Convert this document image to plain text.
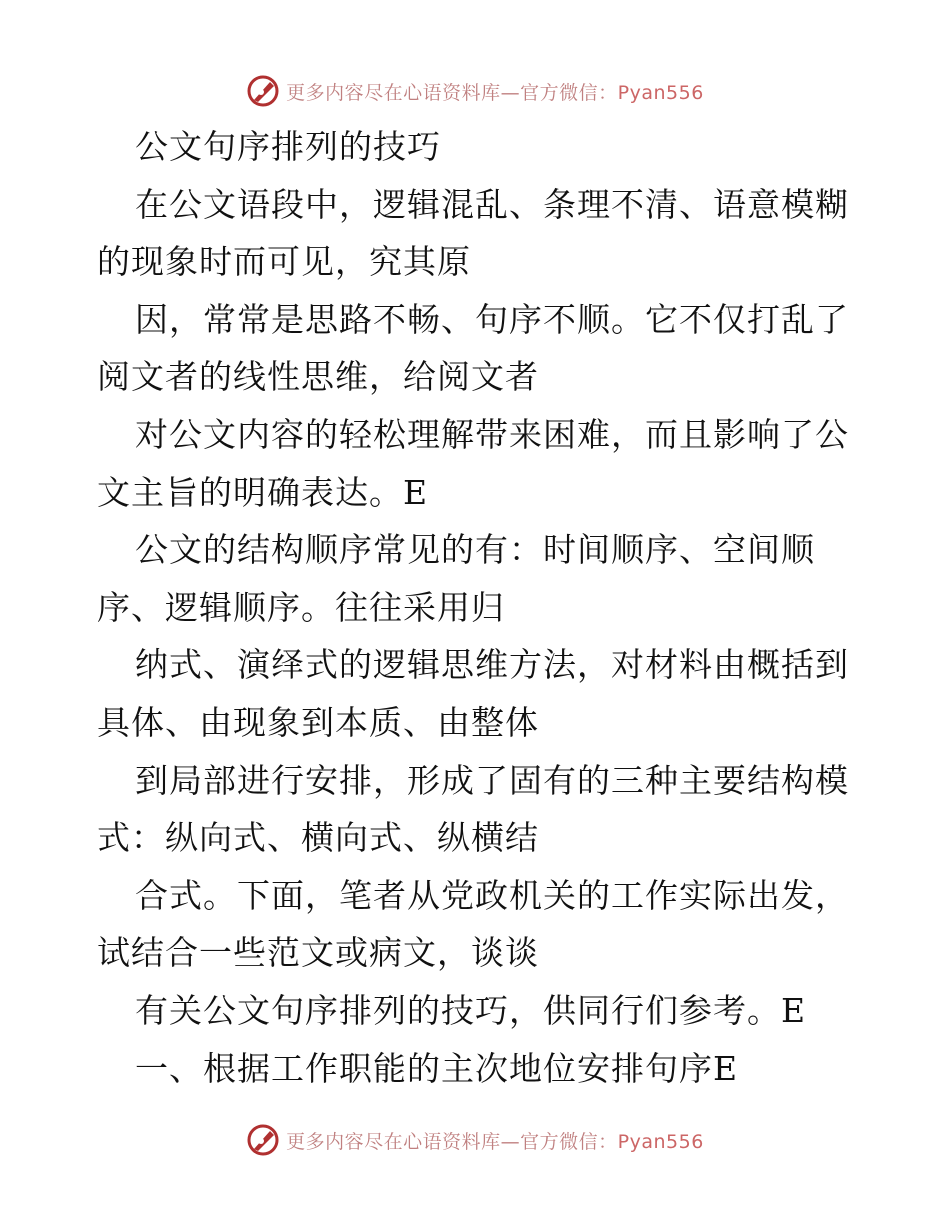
更多内容尽在心语资料库—官方微信：Pyan556
公文句序排列的技巧
在公文语段中，逻辑混乱、条理不清、语意模糊
的现象时而可见，究其原
因，常常是思路不畅、句序不顺。它不仅打乱了
阅文者的线性思维，给阅文者
对公文内容的轻松理解带来困难，而且影响了公
文主旨的明确表达。E
公文的结构顺序常见的有：时间顺序、空间顺
序、逻辑顺序。往往采用归
纳式、演绎式的逻辑思维方法，对材料由概括到
具体、由现象到本质、由整体
到局部进行安排，形成了固有的三种主要结构模
式：纵向式、横向式、纵横结
合式。下面，笔者从党政机关的工作实际出发，
试结合一些范文或病文，谈谈
有关公文句序排列的技巧，供同行们参考。E
一、根据工作职能的主次地位安排句序E
更多内容尽在心语资料库—官方微信：Pyan556
